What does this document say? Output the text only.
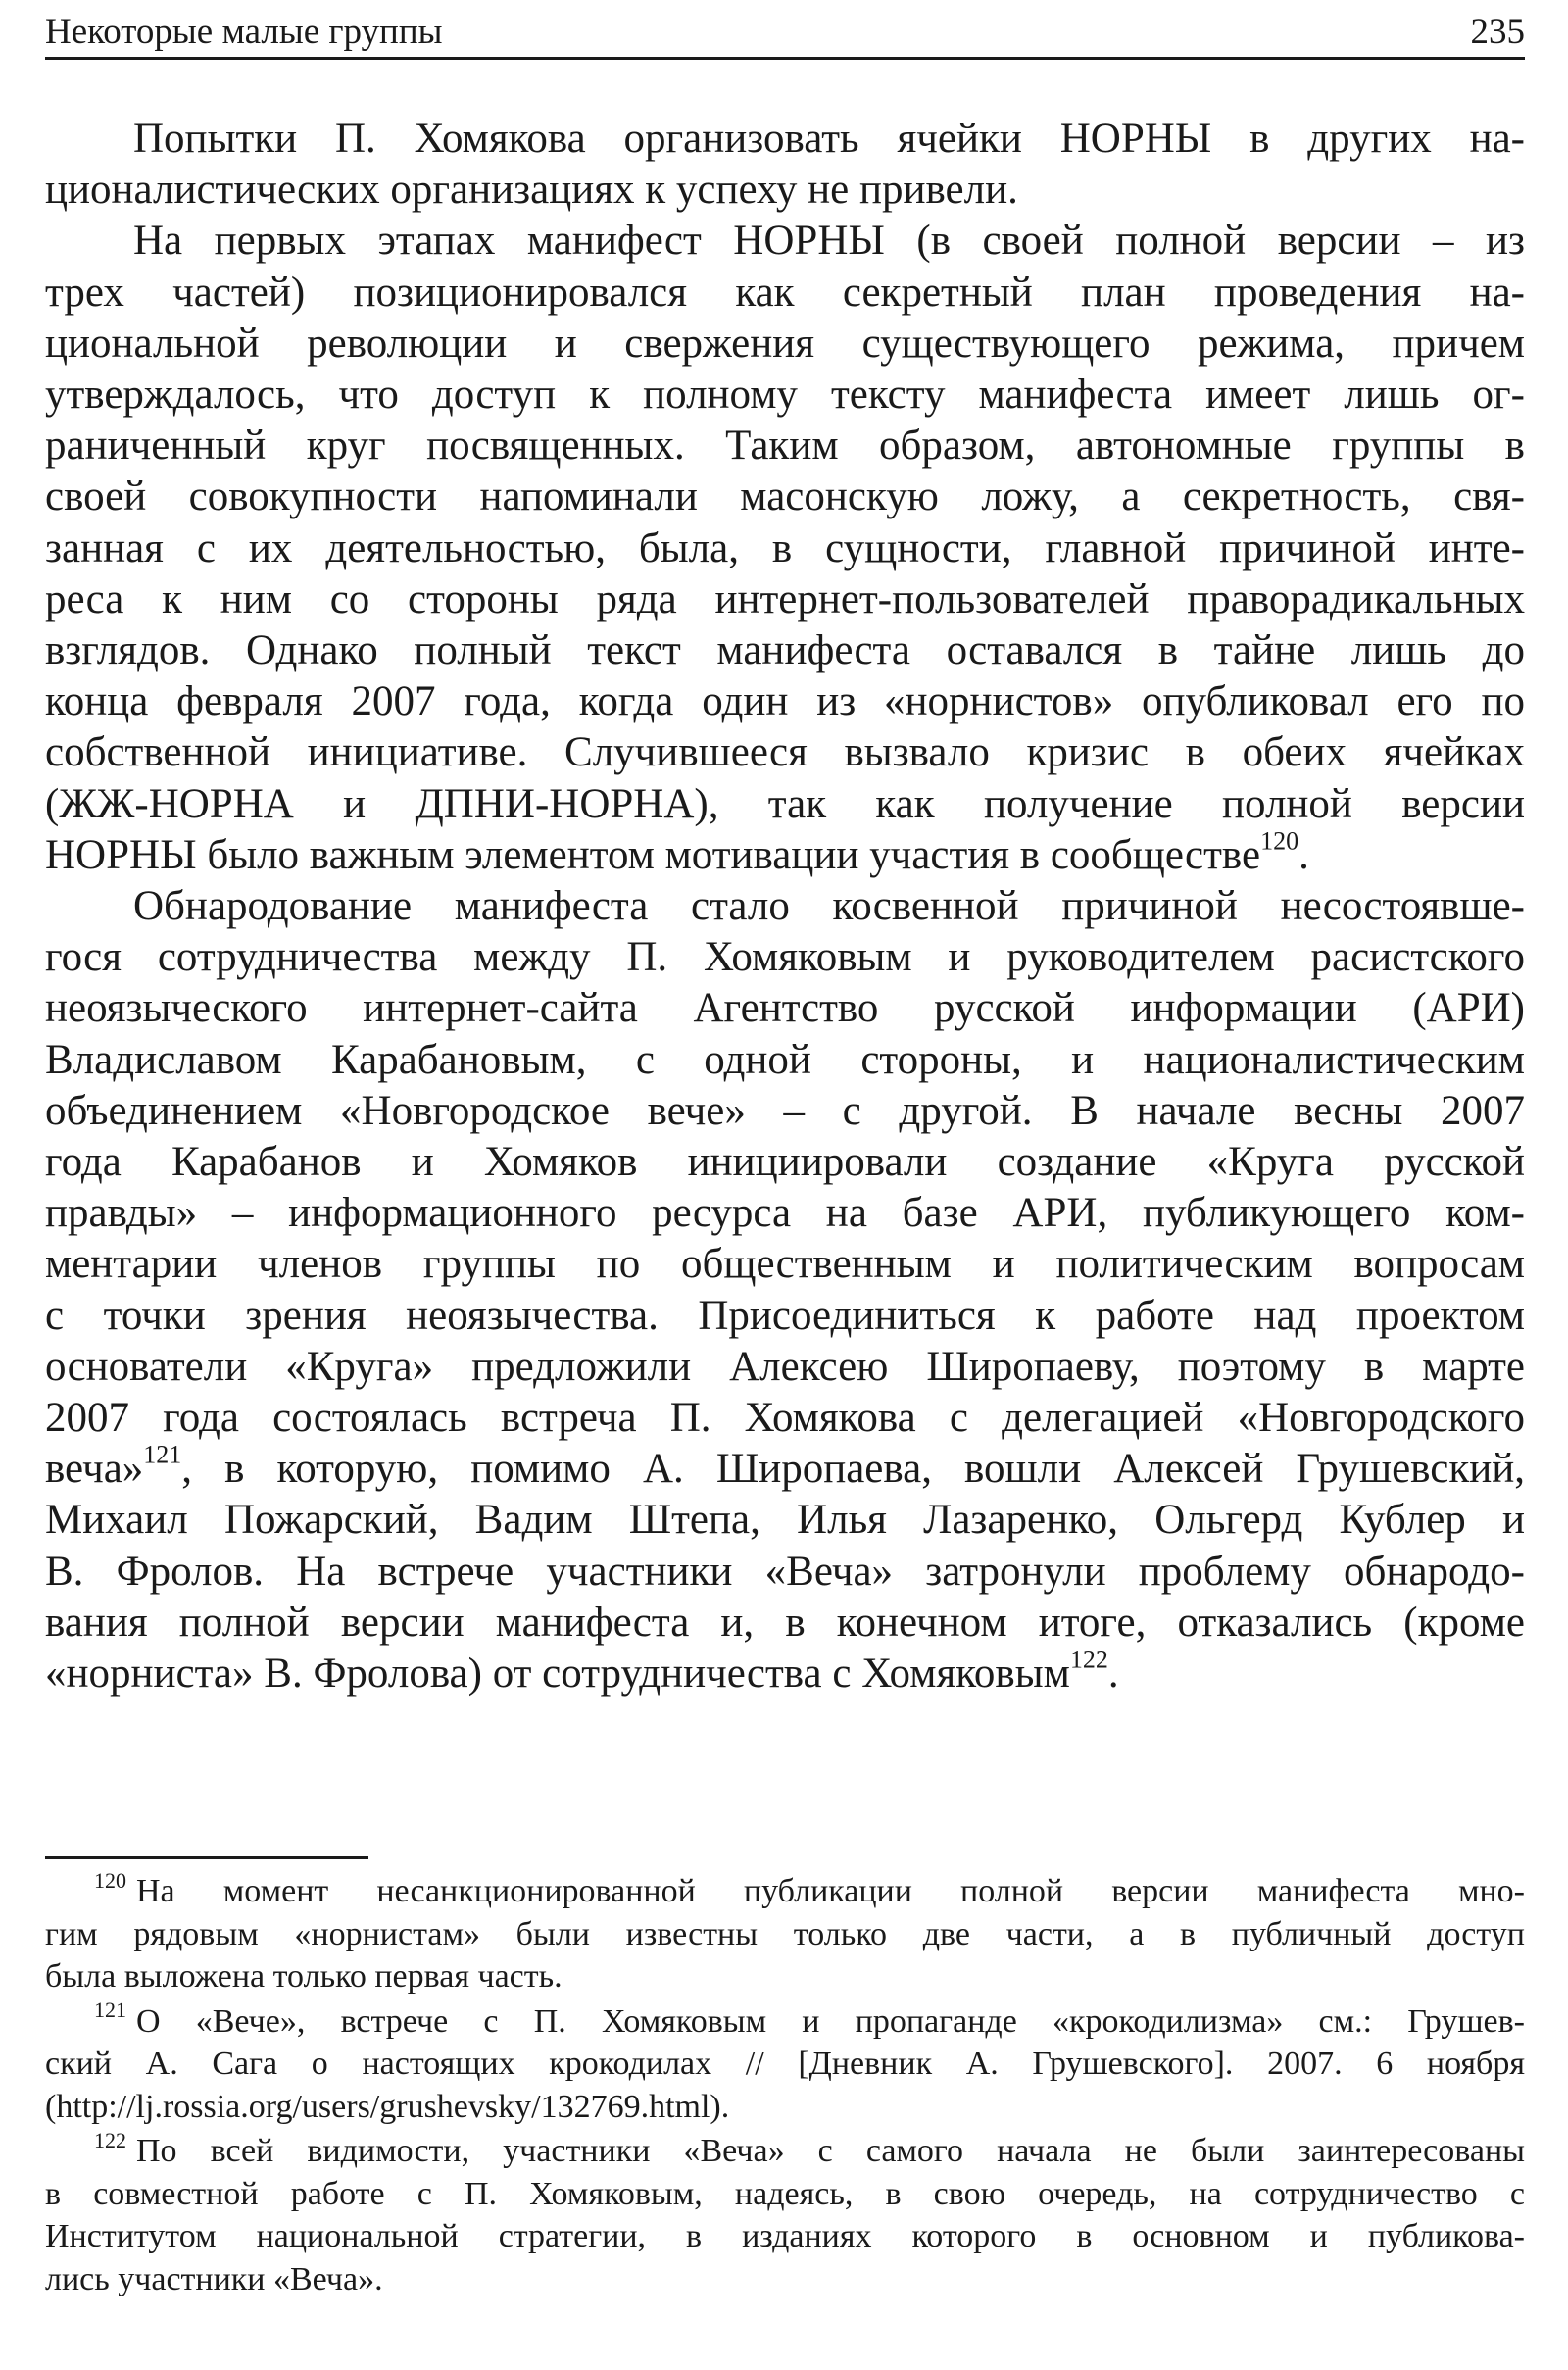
Некоторые малые группы	235

Попытки П. Хомякова организовать ячейки НОРНЫ в других на-
ционалистических организациях к успеху не привели.

На первых этапах манифест НОРНЫ (в своей полной версии – из
трех частей) позиционировался как секретный план проведения на-
циональной революции и свержения существующего режима, причем
утверждалось, что доступ к полному тексту манифеста имеет лишь ог-
раниченный круг посвященных. Таким образом, автономные группы в
своей совокупности напоминали масонскую ложу, а секретность, свя-
занная с их деятельностью, была, в сущности, главной причиной инте-
реса к ним со стороны ряда интернет-пользователей праворадикальных
взглядов. Однако полный текст манифеста оставался в тайне лишь до
конца февраля 2007 года, когда один из «норнистов» опубликовал его по
собственной инициативе. Случившееся вызвало кризис в обеих ячейках
(ЖЖ-НОРНА и ДПНИ-НОРНА), так как получение полной версии
НОРНЫ было важным элементом мотивации участия в сообществе$^{120}$.

Обнародование манифеста стало косвенной причиной несостоявше-
гося сотрудничества между П. Хомяковым и руководителем расистского
неоязыческого интернет-сайта Агентство русской информации (АРИ)
Владиславом Карабановым, с одной стороны, и националистическим
объединением «Новгородское вече» – с другой. В начале весны 2007
года Карабанов и Хомяков инициировали создание «Круга русской
правды» – информационного ресурса на базе АРИ, публикующего ком-
ментарии членов группы по общественным и политическим вопросам
с точки зрения неоязычества. Присоединиться к работе над проектом
основатели «Круга» предложили Алексею Широпаеву, поэтому в марте
2007 года состоялась встреча П. Хомякова с делегацией «Новгородского
веча»$^{121}$, в которую, помимо А. Широпаева, вошли Алексей Грушевский,
Михаил Пожарский, Вадим Штепа, Илья Лазаренко, Ольгерд Кублер и
В. Фролов. На встрече участники «Веча» затронули проблему обнародо-
вания полной версии манифеста и, в конечном итоге, отказались (кроме
«норниста» В. Фролова) от сотрудничества с Хомяковым$^{122}$.

$^{120}$ На момент несанкционированной публикации полной версии манифеста мно-
гим рядовым «норнистам» были известны только две части, а в публичный доступ
была выложена только первая часть.

$^{121}$ О «Вече», встрече с П. Хомяковым и пропаганде «крокодилизма» см.: Грушев-
ский А. Сага о настоящих крокодилах // [Дневник А. Грушевского]. 2007. 6 ноября
(http://lj.rossia.org/users/grushevsky/132769.html).

$^{122}$ По всей видимости, участники «Веча» с самого начала не были заинтересованы
в совместной работе с П. Хомяковым, надеясь, в свою очередь, на сотрудничество с
Институтом национальной стратегии, в изданиях которого в основном и публикова-
лись участники «Веча».
